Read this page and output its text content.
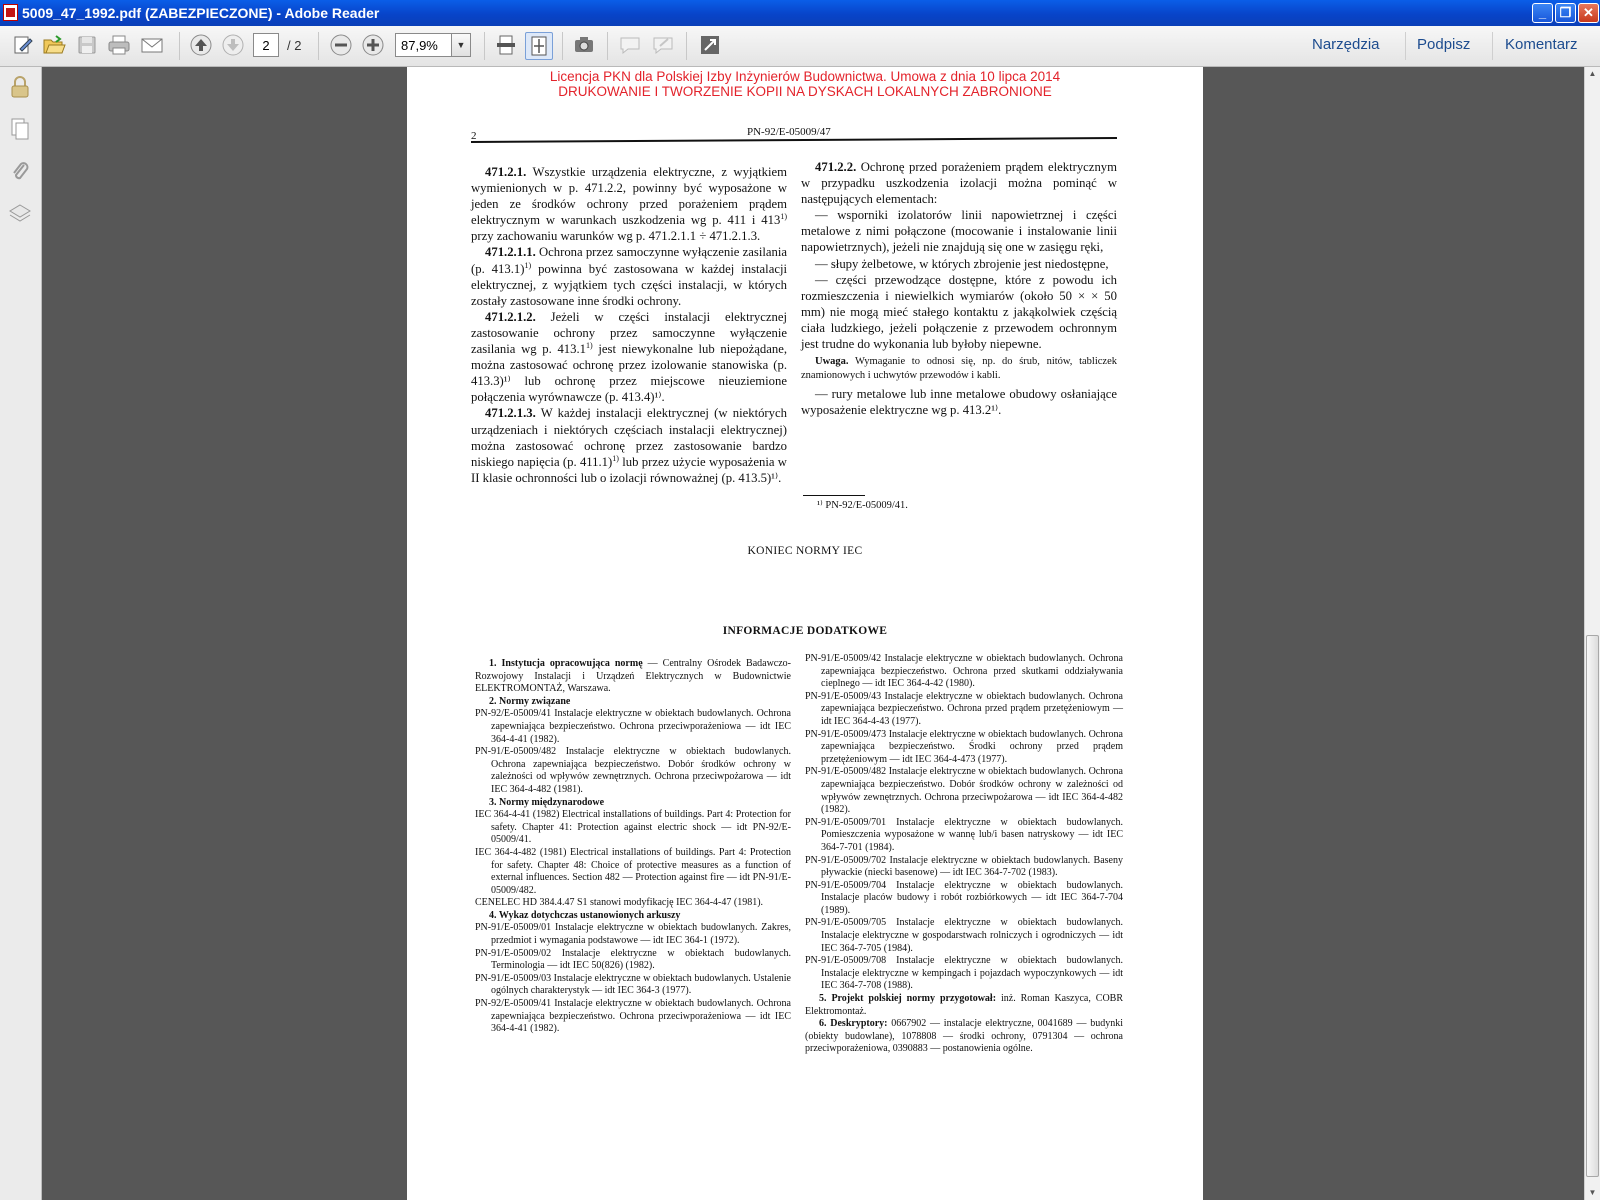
5009_47_1992.pdf (ZABEZPIECZONE) - Adobe Reader	_	❐ ✕
2	/ 2	87,9%	▼	Narzędzia Podpisz Komentarz
Licencja PKN dla Polskiej Izby Inżynierów Budownictwa. Umowa z dnia 10 lipca 2014
DRUKOWANIE I TWORZENIE KOPII NA DYSKACH LOKALNYCH ZABRONIONE
2	PN-92/E-05009/47

471.2.1. Wszystkie urządzenia elektryczne, z wyjątkiem wymienionych w p. 471.2.2, powinny być wyposażone w jeden ze środków ochrony przed porażeniem prądem elektrycznym w warunkach uszkodzenia wg p. 411 i 413$^{1)}$ przy zachowaniu warunków wg p. 471.2.1.1 ÷ 471.2.1.3.

471.2.1.1. Ochrona przez samoczynne wyłączenie zasilania (p. 413.1)$^{1)}$ powinna być zastosowana w każdej instalacji elektrycznej, z wyjątkiem tych części instalacji, w których zostały zastosowane inne środki ochrony.

471.2.1.2. Jeżeli w części instalacji elektrycznej zastosowanie ochrony przez samoczynne wyłączenie zasilania wg p. 413.1$^{1)}$ jest niewykonalne lub niepożądane, można zastosować ochronę przez izolowanie stanowiska (p. 413.3)¹⁾ lub ochronę przez miejscowe nieuziemione połączenia wyrównawcze (p. 413.4)¹⁾.

471.2.1.3. W każdej instalacji elektrycznej (w niektórych urządzeniach i niektórych częściach instalacji elektrycznej) można zastosować ochronę przez zastosowanie bardzo niskiego napięcia (p. 411.1)$^{1)}$ lub przez użycie wyposażenia w II klasie ochronności lub o izolacji równoważnej (p. 413.5)¹⁾.

471.2.2. Ochronę przed porażeniem prądem elektrycznym w przypadku uszkodzenia izolacji można pominąć w następujących elementach:

— wsporniki izolatorów linii napowietrznej i części metalowe z nimi połączone (mocowanie i instalowanie linii napowietrznych), jeżeli nie znajdują się one w zasięgu ręki,

— słupy żelbetowe, w których zbrojenie jest niedostępne,

— części przewodzące dostępne, które z powodu ich rozmieszczenia i niewielkich wymiarów (około 50 × × 50 mm) nie mogą mieć stałego kontaktu z jakąkolwiek częścią ciała ludzkiego, jeżeli połączenie z przewodem ochronnym jest trudne do wykonania lub byłoby niepewne.

Uwaga. Wymaganie to odnosi się, np. do śrub, nitów, tabliczek znamionowych i uchwytów przewodów i kabli.

— rury metalowe lub inne metalowe obudowy osłaniające wyposażenie elektryczne wg p. 413.2¹⁾.

¹⁾ PN-92/E-05009/41.
KONIEC NORMY IEC
INFORMACJE DODATKOWE

1. Instytucja opracowująca normę — Centralny Ośrodek Badawczo-Rozwojowy Instalacji i Urządzeń Elektrycznych w Budownictwie ELEKTROMONTAŻ, Warszawa.

2. Normy związane

PN-92/E-05009/41 Instalacje elektryczne w obiektach budowlanych. Ochrona zapewniająca bezpieczeństwo. Ochrona przeciwporażeniowa — idt IEC 364-4-41 (1982).

PN-91/E-05009/482 Instalacje elektryczne w obiektach budowlanych. Ochrona zapewniająca bezpieczeństwo. Dobór środków ochrony w zależności od wpływów zewnętrznych. Ochrona przeciwpożarowa — idt IEC 364-4-482 (1981).

3. Normy międzynarodowe

IEC 364-4-41 (1982) Electrical installations of buildings. Part 4: Protection for safety. Chapter 41: Protection against electric shock — idt PN-92/E-05009/41.

IEC 364-4-482 (1981) Electrical installations of buildings. Part 4: Protection for safety. Chapter 48: Choice of protective measures as a function of external influences. Section 482 — Protection against fire — idt PN-91/E-05009/482.

CENELEC HD 384.4.47 S1 stanowi modyfikację IEC 364-4-47 (1981).

4. Wykaz dotychczas ustanowionych arkuszy

PN-91/E-05009/01 Instalacje elektryczne w obiektach budowlanych. Zakres, przedmiot i wymagania podstawowe — idt IEC 364-1 (1972).

PN-91/E-05009/02 Instalacje elektryczne w obiektach budowlanych. Terminologia — idt IEC 50(826) (1982).

PN-91/E-05009/03 Instalacje elektryczne w obiektach budowlanych. Ustalenie ogólnych charakterystyk — idt IEC 364-3 (1977).

PN-92/E-05009/41 Instalacje elektryczne w obiektach budowlanych. Ochrona zapewniająca bezpieczeństwo. Ochrona przeciwporażeniowa — idt IEC 364-4-41 (1982).

PN-91/E-05009/42 Instalacje elektryczne w obiektach budowlanych. Ochrona zapewniająca bezpieczeństwo. Ochrona przed skutkami oddziaływania cieplnego — idt IEC 364-4-42 (1980).

PN-91/E-05009/43 Instalacje elektryczne w obiektach budowlanych. Ochrona zapewniająca bezpieczeństwo. Ochrona przed prądem przetężeniowym — idt IEC 364-4-43 (1977).

PN-91/E-05009/473 Instalacje elektryczne w obiektach budowlanych. Ochrona zapewniająca bezpieczeństwo. Środki ochrony przed prądem przetężeniowym — idt IEC 364-4-473 (1977).

PN-91/E-05009/482 Instalacje elektryczne w obiektach budowlanych. Ochrona zapewniająca bezpieczeństwo. Dobór środków ochrony w zależności od wpływów zewnętrznych. Ochrona przeciwpożarowa — idt IEC 364-4-482 (1982).

PN-91/E-05009/701 Instalacje elektryczne w obiektach budowlanych. Pomieszczenia wyposażone w wannę lub/i basen natryskowy — idt IEC 364-7-701 (1984).

PN-91/E-05009/702 Instalacje elektryczne w obiektach budowlanych. Baseny pływackie (niecki basenowe) — idt IEC 364-7-702 (1983).

PN-91/E-05009/704 Instalacje elektryczne w obiektach budowlanych. Instalacje placów budowy i robót rozbiórkowych — idt IEC 364-7-704 (1989).

PN-91/E-05009/705 Instalacje elektryczne w obiektach budowlanych. Instalacje elektryczne w gospodarstwach rolniczych i ogrodniczych — idt IEC 364-7-705 (1984).

PN-91/E-05009/708 Instalacje elektryczne w obiektach budowlanych. Instalacje elektryczne w kempingach i pojazdach wypoczynkowych — idt IEC 364-7-708 (1988).

5. Projekt polskiej normy przygotował: inż. Roman Kaszyca, COBR Elektromontaż.

6. Deskryptory: 0667902 — instalacje elektryczne, 0041689 — budynki (obiekty budowlane), 1078808 — środki ochrony, 0791304 — ochrona przeciwporażeniowa, 0390883 — postanowienia ogólne.

▲
▼
